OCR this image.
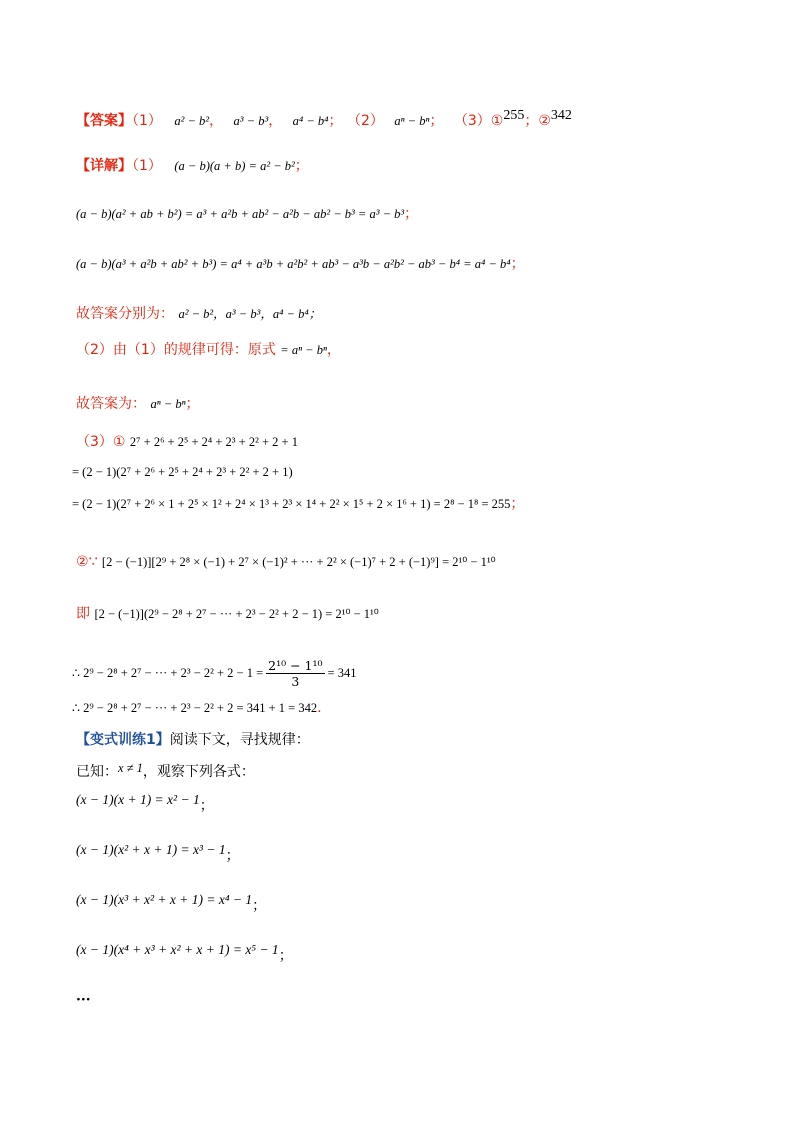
【答案】（1） a² − b²， a³ − b³， a⁴ − b⁴； （2） aⁿ − bⁿ； （3）①255；②342
【详解】（1） (a − b)(a + b) = a² − b²；
(a − b)(a² + ab + b²) = a³ + a²b + ab² − a²b − ab² − b³ = a³ − b³；
(a − b)(a³ + a²b + ab² + b³) = a⁴ + a³b + a²b² + ab³ − a³b − a²b² − ab³ − b⁴ = a⁴ − b⁴；
故答案分别为： a² − b²，a³ − b³，a⁴ − b⁴；
（2）由（1）的规律可得：原式 = aⁿ − bⁿ，
故答案为： aⁿ − bⁿ；
（3）① 2⁷ + 2⁶ + 2⁵ + 2⁴ + 2³ + 2² + 2 + 1
= (2 − 1)(2⁷ + 2⁶ + 2⁵ + 2⁴ + 2³ + 2² + 2 + 1)
= (2 − 1)(2⁷ + 2⁶ × 1 + 2⁵ × 1² + 2⁴ × 1³ + 2³ × 1⁴ + 2² × 1⁵ + 2 × 1⁶ + 1) = 2⁸ − 1⁸ = 255；
②∵ [2 − (−1)][2⁹ + 2⁸ × (−1) + 2⁷ × (−1)² + ··· + 2² × (−1)⁷ + 2 + (−1)⁹] = 2¹⁰ − 1¹⁰
即 [2 − (−1)](2⁹ − 2⁸ + 2⁷ − ··· + 2³ − 2² + 2 − 1) = 2¹⁰ − 1¹⁰
∴ 2⁹ − 2⁸ + 2⁷ − ··· + $2^3 - 2^2 + 2 - 1 = \frac{\text{2¹⁰ − 1¹⁰}}{3} = 341$
∴ 2⁹ − 2⁸ + 2⁷ − ··· + 2³ − 2² + 2 = 341 + 1 = 342.
【变式训练1】阅读下文，寻找规律：
已知：x ≠ 1，观察下列各式：
(x − 1)(x + 1) = x² − 1；
(x − 1)(x² + x + 1) = x³ − 1；
(x − 1)(x³ + x² + x + 1) = x⁴ − 1；
(x − 1)(x⁴ + x³ + x² + x + 1) = x⁵ − 1；
···
